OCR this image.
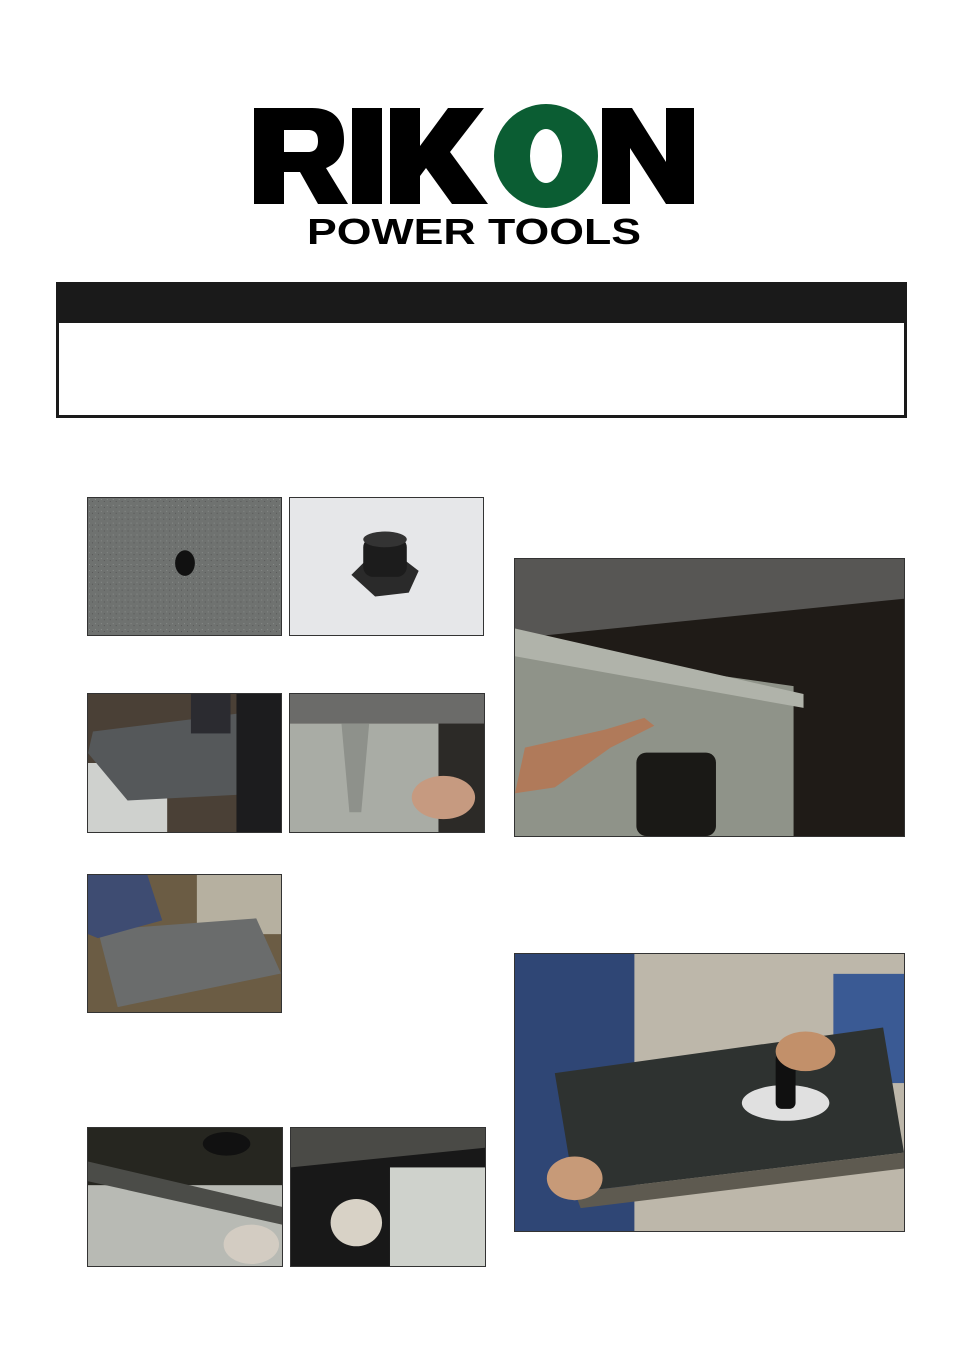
POWER TOOLS
